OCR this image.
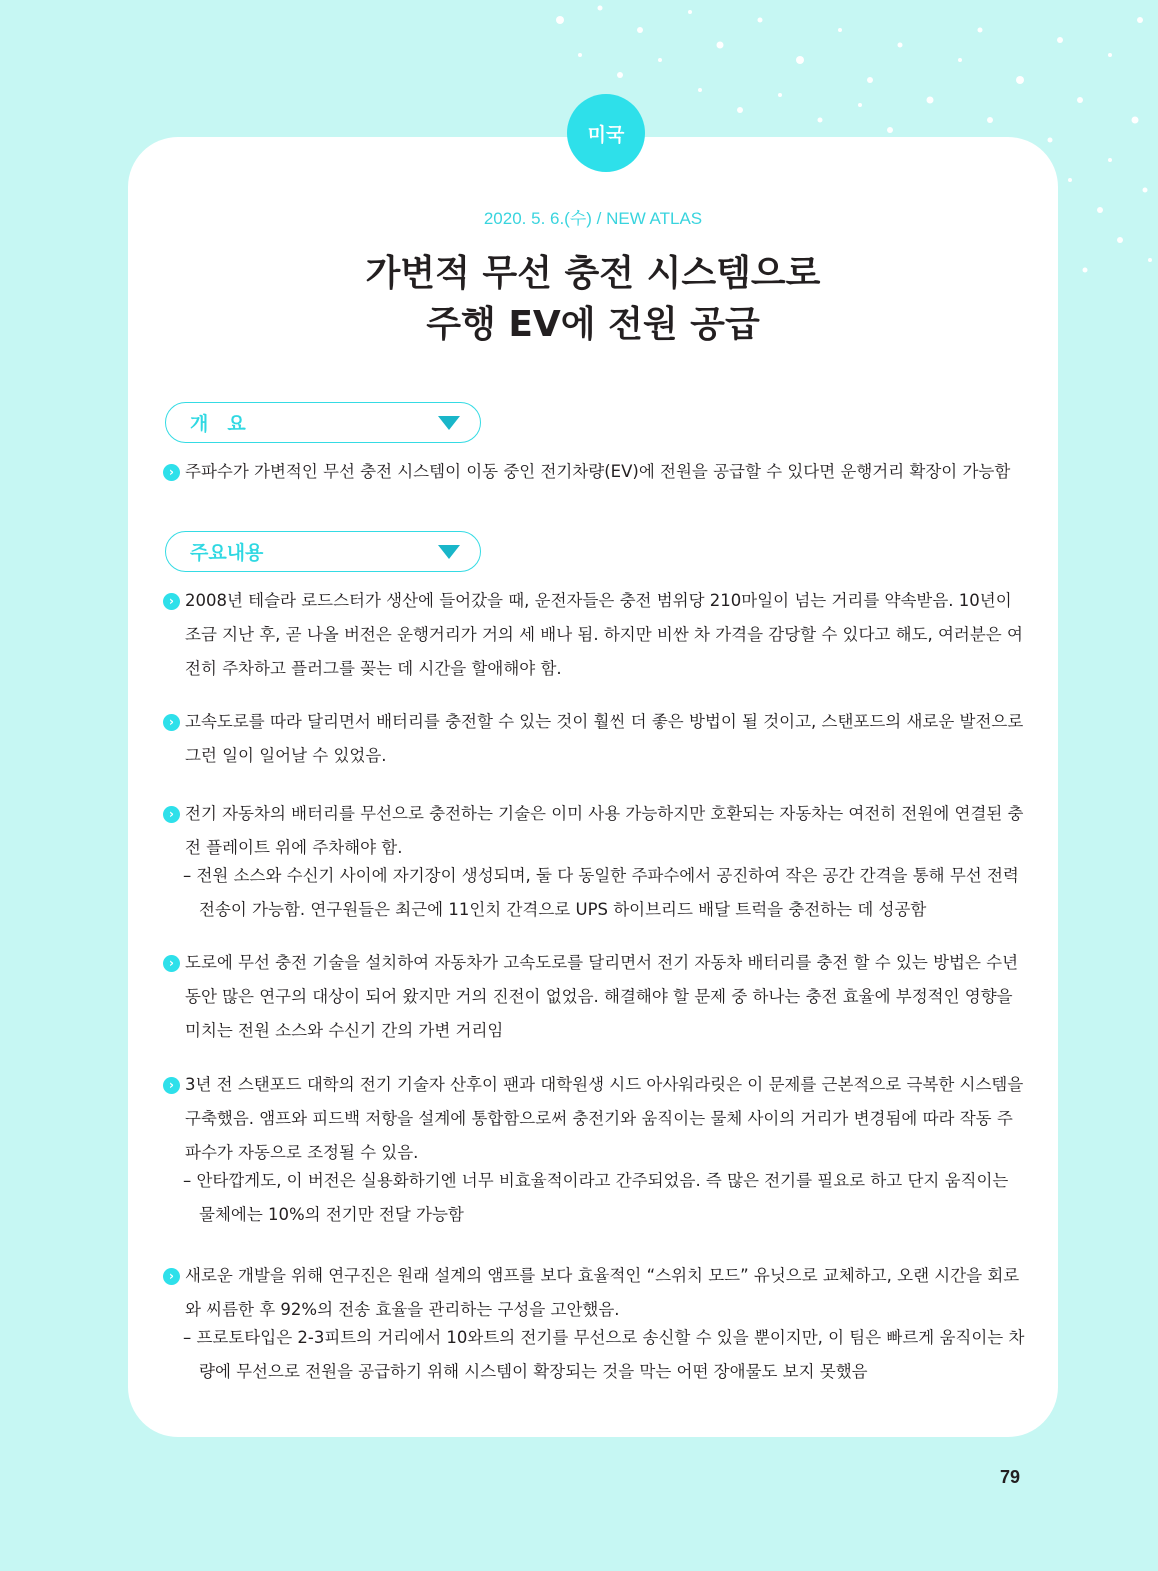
미국
2020. 5. 6.(수) / NEW ATLAS
가변적 무선 충전 시스템으로
주행 EV에 전원 공급
개　요
› 주파수가 가변적인 무선 충전 시스템이 이동 중인 전기차량(EV)에 전원을 공급할 수 있다면 운행거리 확장이 가능함
주요내용
› 2008년 테슬라 로드스터가 생산에 들어갔을 때, 운전자들은 충전 범위당 210마일이 넘는 거리를 약속받음. 10년이 조금 지난 후, 곧 나올 버전은 운행거리가 거의 세 배나 됨. 하지만 비싼 차 가격을 감당할 수 있다고 해도, 여러분은 여전히 주차하고 플러그를 꽂는 데 시간을 할애해야 함.
› 고속도로를 따라 달리면서 배터리를 충전할 수 있는 것이 훨씬 더 좋은 방법이 될 것이고, 스탠포드의 새로운 발전으로 그런 일이 일어날 수 있었음.
› 전기 자동차의 배터리를 무선으로 충전하는 기술은 이미 사용 가능하지만 호환되는 자동차는 여전히 전원에 연결된 충전 플레이트 위에 주차해야 함.
– 전원 소스와 수신기 사이에 자기장이 생성되며, 둘 다 동일한 주파수에서 공진하여 작은 공간 간격을 통해 무선 전력 전송이 가능함. 연구원들은 최근에 11인치 간격으로 UPS 하이브리드 배달 트럭을 충전하는 데 성공함
› 도로에 무선 충전 기술을 설치하여 자동차가 고속도로를 달리면서 전기 자동차 배터리를 충전 할 수 있는 방법은 수년 동안 많은 연구의 대상이 되어 왔지만 거의 진전이 없었음. 해결해야 할 문제 중 하나는 충전 효율에 부정적인 영향을 미치는 전원 소스와 수신기 간의 가변 거리임
› 3년 전 스탠포드 대학의 전기 기술자 산후이 팬과 대학원생 시드 아사워라릿은 이 문제를 근본적으로 극복한 시스템을 구축했음. 앰프와 피드백 저항을 설계에 통합함으로써 충전기와 움직이는 물체 사이의 거리가 변경됨에 따라 작동 주파수가 자동으로 조정될 수 있음.
– 안타깝게도, 이 버전은 실용화하기엔 너무 비효율적이라고 간주되었음. 즉 많은 전기를 필요로 하고 단지 움직이는 물체에는 10%의 전기만 전달 가능함
› 새로운 개발을 위해 연구진은 원래 설계의 앰프를 보다 효율적인 “스위치 모드” 유닛으로 교체하고, 오랜 시간을 회로와 씨름한 후 92%의 전송 효율을 관리하는 구성을 고안했음.
– 프로토타입은 2-3피트의 거리에서 10와트의 전기를 무선으로 송신할 수 있을 뿐이지만, 이 팀은 빠르게 움직이는 차량에 무선으로 전원을 공급하기 위해 시스템이 확장되는 것을 막는 어떤 장애물도 보지 못했음
79
